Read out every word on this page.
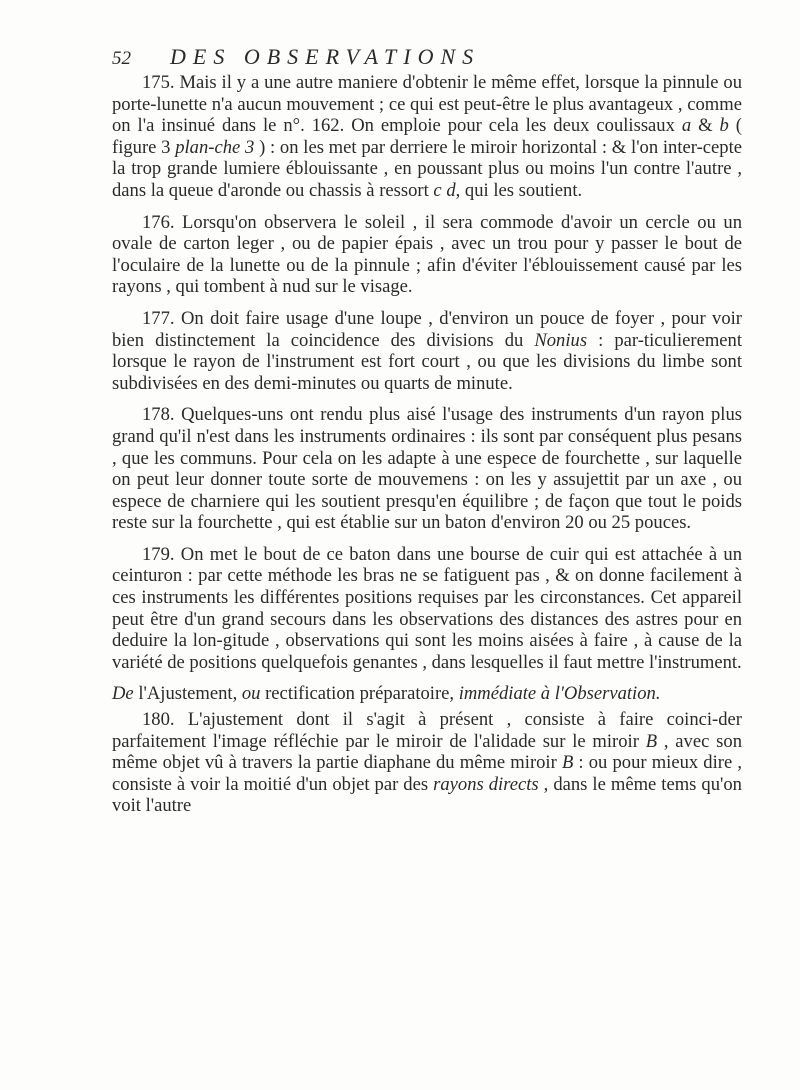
52 DES OBSERVATIONS

175. Mais il y a une autre maniere d'obtenir le même effet, lorsque la pinnule ou porte-lunette n'a aucun mouvement ; ce qui est peut-être le plus avantageux , comme on l'a insinué dans le n°. 162. On emploie pour cela les deux coulissaux a & b ( figure 3 plan-che 3 ) : on les met par derriere le miroir horizontal : & l'on inter-cepte la trop grande lumiere éblouissante , en poussant plus ou moins l'un contre l'autre , dans la queue d'aronde ou chassis à ressort c d, qui les soutient.

176. Lorsqu'on observera le soleil , il sera commode d'avoir un cercle ou un ovale de carton leger , ou de papier épais , avec un trou pour y passer le bout de l'oculaire de la lunette ou de la pinnule ; afin d'éviter l'éblouissement causé par les rayons , qui tombent à nud sur le visage.

177. On doit faire usage d'une loupe , d'environ un pouce de foyer , pour voir bien distinctement la coincidence des divisions du Nonius : par-ticulierement lorsque le rayon de l'instrument est fort court , ou que les divisions du limbe sont subdivisées en des demi-minutes ou quarts de minute.

178. Quelques-uns ont rendu plus aisé l'usage des instruments d'un rayon plus grand qu'il n'est dans les instruments ordinaires : ils sont par conséquent plus pesans , que les communs. Pour cela on les adapte à une espece de fourchette , sur laquelle on peut leur donner toute sorte de mouvemens : on les y assujettit par un axe , ou espece de charniere qui les soutient presqu'en équilibre ; de façon que tout le poids reste sur la fourchette , qui est établie sur un baton d'environ 20 ou 25 pouces.

179. On met le bout de ce baton dans une bourse de cuir qui est attachée à un ceinturon : par cette méthode les bras ne se fatiguent pas , & on donne facilement à ces instruments les différentes positions requises par les circonstances. Cet appareil peut être d'un grand secours dans les observations des distances des astres pour en deduire la lon-gitude , observations qui sont les moins aisées à faire , à cause de la variété de positions quelquefois genantes , dans lesquelles il faut mettre l'instrument.

De l'Ajustement, ou rectification préparatoire, immédiate à l'Observation.

180. L'ajustement dont il s'agit à présent , consiste à faire coinci-der parfaitement l'image réfléchie par le miroir de l'alidade sur le miroir B , avec son même objet vû à travers la partie diaphane du même miroir B : ou pour mieux dire , consiste à voir la moitié d'un objet par des rayons directs , dans le même tems qu'on voit l'autre
